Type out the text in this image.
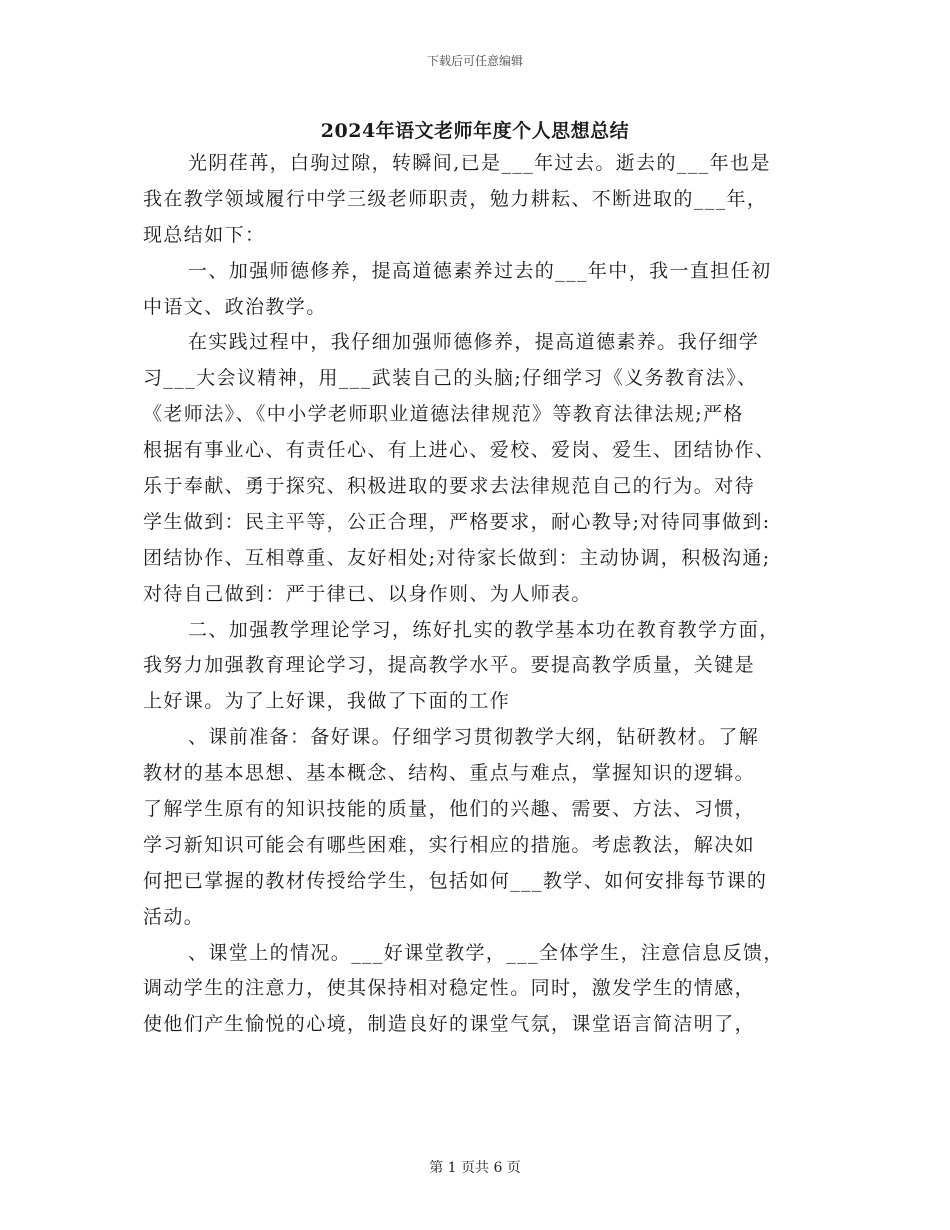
下载后可任意编辑
2024年语文老师年度个人思想总结

光阴荏苒，白驹过隙，转瞬间,已是___年过去。逝去的___年也是
我在教学领域履行中学三级老师职责，勉力耕耘、不断进取的___年，
现总结如下：

一、加强师德修养，提高道德素养过去的___年中，我一直担任初
中语文、政治教学。

在实践过程中，我仔细加强师德修养，提高道德素养。我仔细学
习___大会议精神，用___武装自己的头脑;仔细学习《义务教育法》、
《老师法》、《中小学老师职业道德法律规范》等教育法律法规;严格
根据有事业心、有责任心、有上进心、爱校、爱岗、爱生、团结协作、
乐于奉献、勇于探究、积极进取的要求去法律规范自己的行为。对待
学生做到：民主平等，公正合理，严格要求，耐心教导;对待同事做到:
团结协作、互相尊重、友好相处;对待家长做到：主动协调，积极沟通;
对待自己做到：严于律已、以身作则、为人师表。

二、加强教学理论学习，练好扎实的教学基本功在教育教学方面，
我努力加强教育理论学习，提高教学水平。要提高教学质量，关键是
上好课。为了上好课，我做了下面的工作

、课前准备：备好课。仔细学习贯彻教学大纲，钻研教材。了解
教材的基本思想、基本概念、结构、重点与难点，掌握知识的逻辑。
了解学生原有的知识技能的质量，他们的兴趣、需要、方法、习惯，
学习新知识可能会有哪些困难，实行相应的措施。考虑教法，解决如
何把已掌握的教材传授给学生，包括如何___教学、如何安排每节课的
活动。

、课堂上的情况。___好课堂教学，___全体学生，注意信息反馈，
调动学生的注意力，使其保持相对稳定性。同时，激发学生的情感，
使他们产生愉悦的心境，制造良好的课堂气氛，课堂语言简洁明了，

第 1 页共 6 页
